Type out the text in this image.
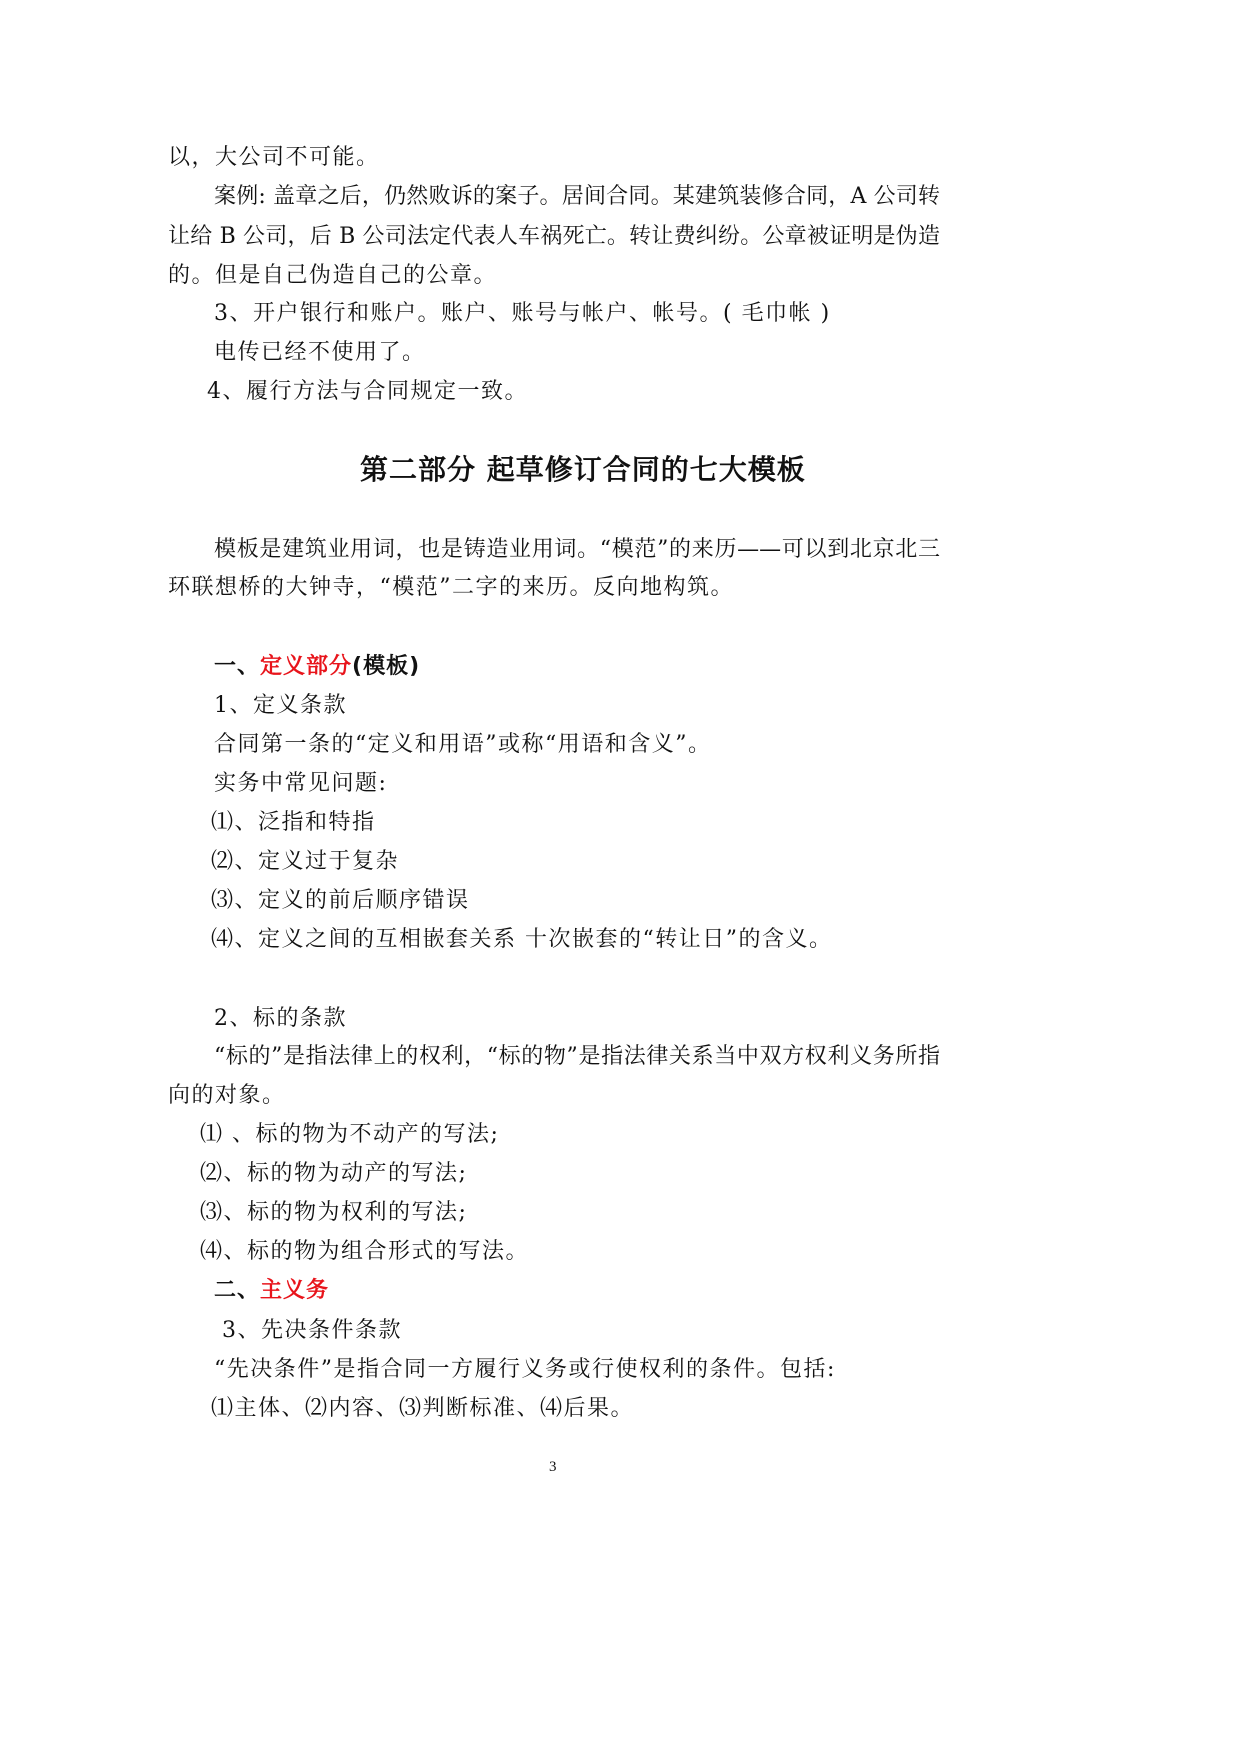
以，大公司不可能。
案例: 盖章之后，仍然败诉的案子。居间合同。某建筑装修合同，A 公司转
让给 B 公司，后 B 公司法定代表人车祸死亡。转让费纠纷。公章被证明是伪造
的。但是自己伪造自己的公章。
3、开户银行和账户。账户、账号与帐户、帐号。( 毛巾帐 )
电传已经不使用了。
4、履行方法与合同规定一致。
第二部分 起草修订合同的七大模板
模板是建筑业用词，也是铸造业用词。“模范”的来历——可以到北京北三
环联想桥的大钟寺，“模范”二字的来历。反向地构筑。
一、定义部分(模板)
1、定义条款
合同第一条的“定义和用语”或称“用语和含义”。
实务中常见问题:
⑴、泛指和特指
⑵、定义过于复杂
⑶、定义的前后顺序错误
⑷、定义之间的互相嵌套关系 十次嵌套的“转让日”的含义。
2、标的条款
“标的”是指法律上的权利，“标的物”是指法律关系当中双方权利义务所指
向的对象。
⑴ 、标的物为不动产的写法;
⑵、标的物为动产的写法;
⑶、标的物为权利的写法;
⑷、标的物为组合形式的写法。
二、主义务
3、先决条件条款
“先决条件”是指合同一方履行义务或行使权利的条件。包括:
⑴主体、⑵内容、⑶判断标准、⑷后果。
3
